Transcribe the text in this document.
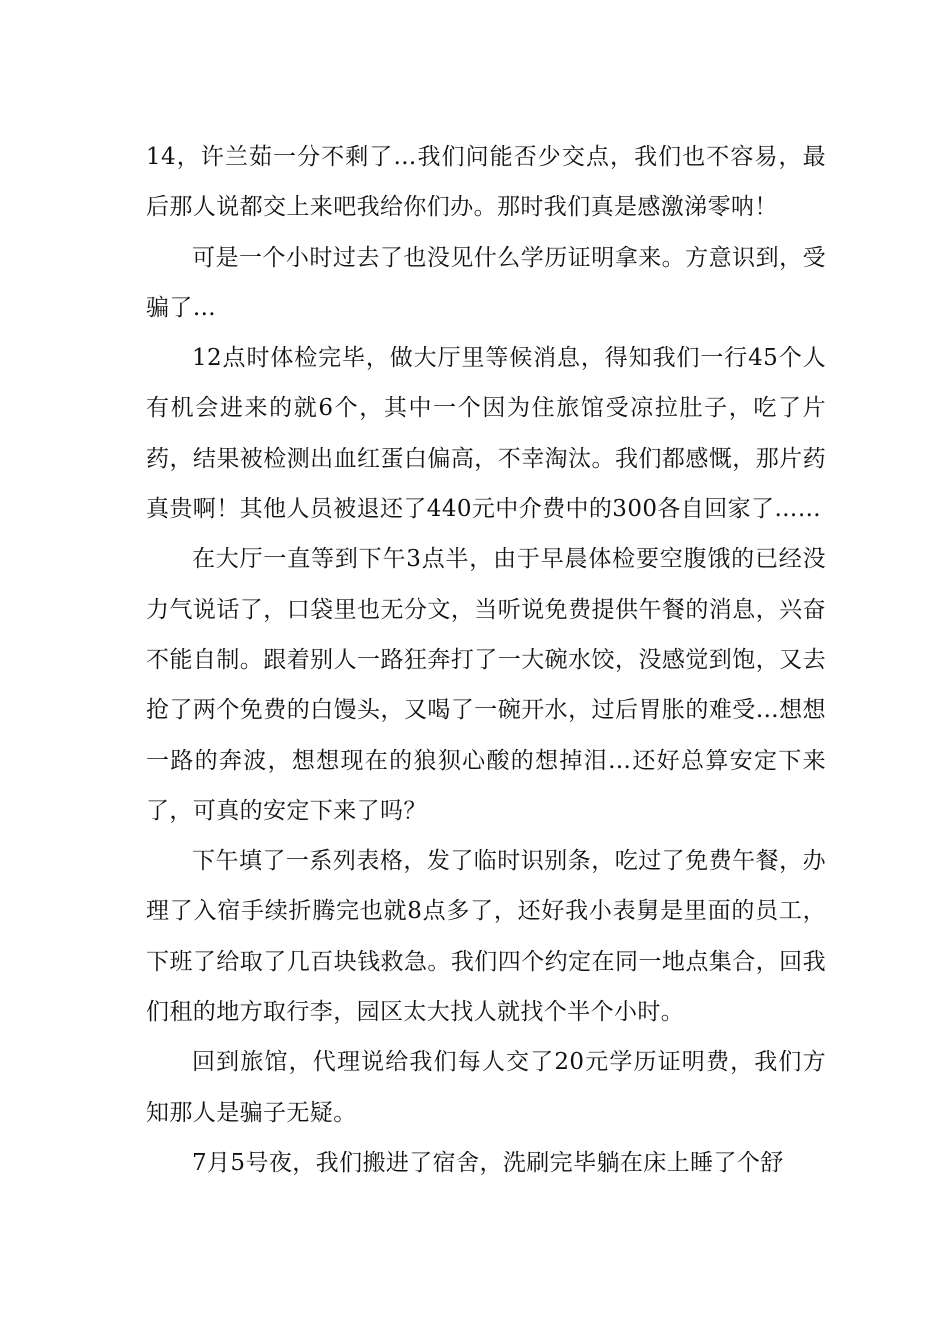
14，许兰茹一分不剩了…我们问能否少交点，我们也不容易，最后那人说都交上来吧我给你们办。那时我们真是感激涕零呐！

可是一个小时过去了也没见什么学历证明拿来。方意识到，受骗了…

12点时体检完毕，做大厅里等候消息，得知我们一行45个人有机会进来的就6个，其中一个因为住旅馆受凉拉肚子，吃了片药，结果被检测出血红蛋白偏高，不幸淘汰。我们都感慨，那片药真贵啊！其他人员被退还了440元中介费中的300各自回家了……

在大厅一直等到下午3点半，由于早晨体检要空腹饿的已经没力气说话了，口袋里也无分文，当听说免费提供午餐的消息，兴奋不能自制。跟着别人一路狂奔打了一大碗水饺，没感觉到饱，又去抢了两个免费的白馒头，又喝了一碗开水，过后胃胀的难受…想想一路的奔波，想想现在的狼狈心酸的想掉泪…还好总算安定下来了，可真的安定下来了吗？

下午填了一系列表格，发了临时识别条，吃过了免费午餐，办理了入宿手续折腾完也就8点多了，还好我小表舅是里面的员工，下班了给取了几百块钱救急。我们四个约定在同一地点集合，回我们租的地方取行李，园区太大找人就找个半个小时。

回到旅馆，代理说给我们每人交了20元学历证明费，我们方知那人是骗子无疑。

7月5号夜，我们搬进了宿舍，洗刷完毕躺在床上睡了个舒
